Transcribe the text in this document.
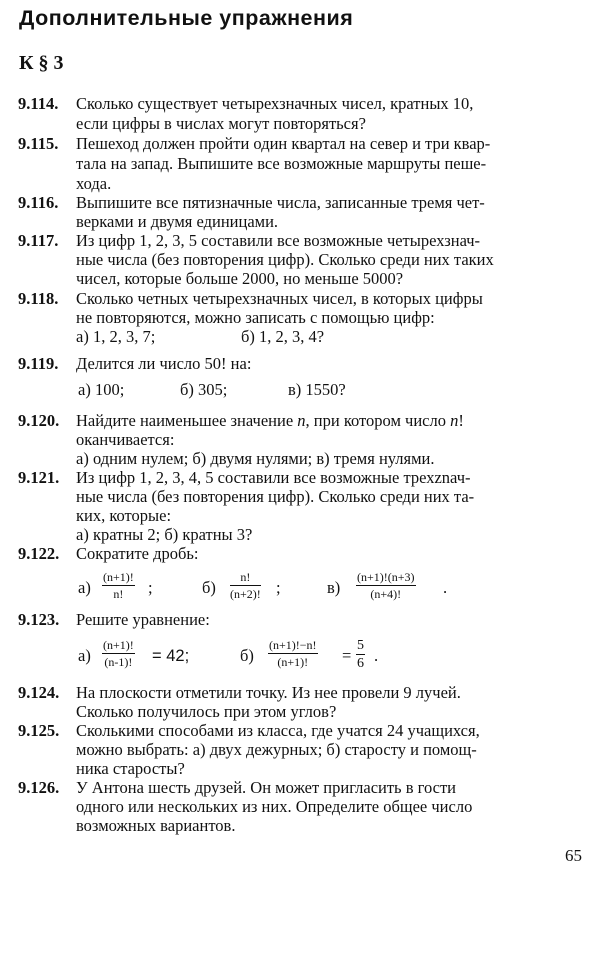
Дополнительные упражнения
К § 3
9.114. Сколько существует четырехзначных чисел, кратных 10,
если цифры в числах могут повторяться?
9.115. Пешеход должен пройти один квартал на север и три квар-
тала на запад. Выпишите все возможные маршруты пеше-
хода.
9.116. Выпишите все пятизначные числа, записанные тремя чет-
верками и двумя единицами.
9.117. Из цифр 1, 2, 3, 5 составили все возможные четырехзнач-
ные числа (без повторения цифр). Сколько среди них таких
чисел, которые больше 2000, но меньше 5000?
9.118. Сколько четных четырехзначных чисел, в которых цифры
не повторяются, можно записать с помощью цифр:
а) 1, 2, 3, 7;	б) 1, 2, 3, 4?
9.119. Делится ли число 50! на:
а) 100;	б) 305;	в) 1550?
9.120. Найдите наименьшее значение n, при котором число n!
оканчивается:
а) одним нулем; б) двумя нулями; в) тремя нулями.
9.121. Из цифр 1, 2, 3, 4, 5 составили все возможные трехznач-
ные числа (без повторения цифр). Сколько среди них та-
ких, которые:
а) кратны 2; б) кратны 3?
9.122. Сократите дробь:
$а) \frac{(n+1)!}{n!}$ ;	$б) \frac{n!}{(n+2)!}$ ;	$в) \frac{(n+1)!(n+3)}{(n+4)!}$ .
9.123. Решите уравнение:
$а) \frac{(n+1)!}{(n-1)!} = 42$;	$б) \frac{(n+1)!-n!}{(n+1)!} = \frac{5}{6}$ .
9.124. На плоскости отметили точку. Из нее провели 9 лучей.
Сколько получилось при этом углов?
9.125. Сколькими способами из класса, где учатся 24 учащихся,
можно выбрать: а) двух дежурных; б) старосту и помощ-
ника старосты?
9.126. У Антона шесть друзей. Он может пригласить в гости
одного или нескольких из них. Определите общее число
возможных вариантов.
65
